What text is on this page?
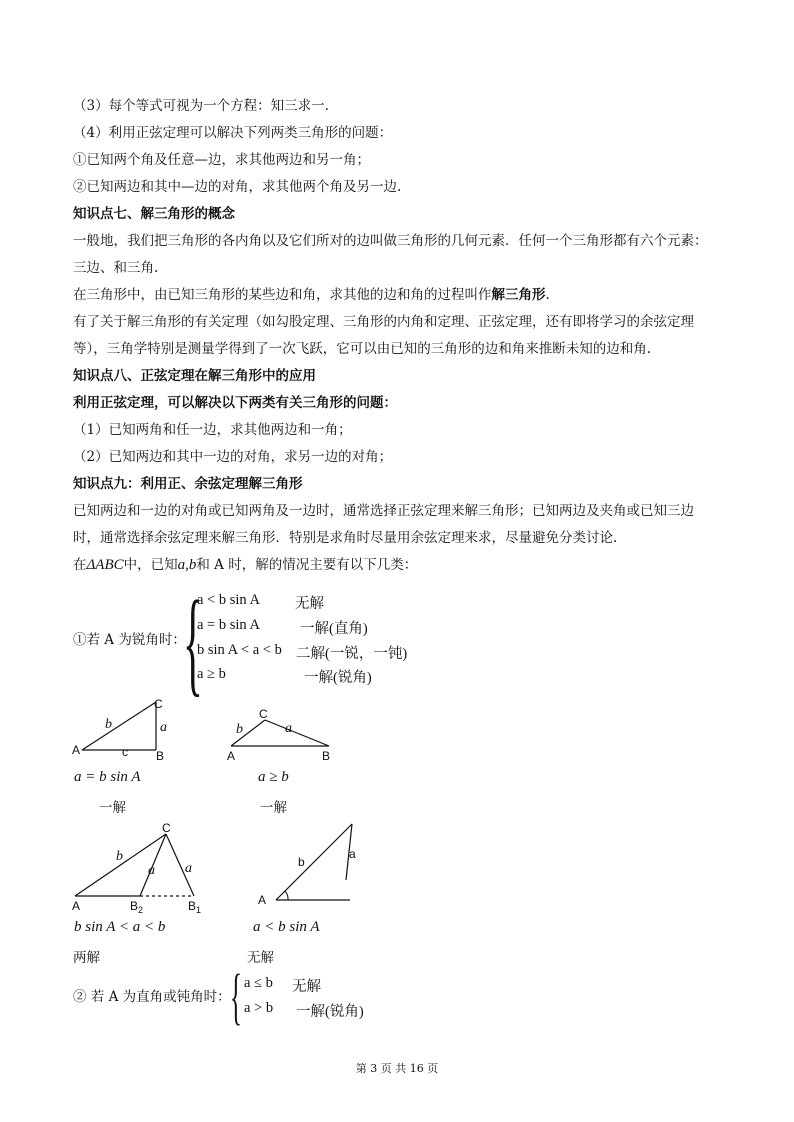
（3）每个等式可视为一个方程：知三求一.
（4）利用正弦定理可以解决下列两类三角形的问题：
①已知两个角及任意—边，求其他两边和另一角；
②已知两边和其中—边的对角，求其他两个角及另一边.
知识点七、解三角形的概念
一般地，我们把三角形的各内角以及它们所对的边叫做三角形的几何元素．任何一个三角形都有六个元素：
三边、和三角.
在三角形中，由已知三角形的某些边和角，求其他的边和角的过程叫作解三角形.
有了关于解三角形的有关定理（如勾股定理、三角形的内角和定理、正弦定理，还有即将学习的余弦定理
等），三角学特别是测量学得到了一次飞跃，它可以由已知的三角形的边和角来推断未知的边和角.
知识点八、正弦定理在解三角形中的应用
利用正弦定理，可以解决以下两类有关三角形的问题：
（1）已知两角和任一边，求其他两边和一角；
（2）已知两边和其中一边的对角，求另一边的对角；
知识点九：利用正、余弦定理解三角形
已知两边和一边的对角或已知两角及一边时，通常选择正弦定理来解三角形；已知两边及夹角或已知三边
时，通常选择余弦定理来解三角形．特别是求角时尽量用余弦定理来求，尽量避免分类讨论.
在ΔABC中，已知a,b和 A 时，解的情况主要有以下几类：
①若 A 为锐角时：
{
a < b sin A 无解
a = b sin A	一解(直角)
b sin A < a < b 二解(一锐，一钝)
a ≥ b	一解(锐角)
C
A	B
b	a
c
a = b sin A
一解
C
A	B
b	a
a ≥ b
一解
C
A	$B_2$	$B_1$
b
a a
b sin A < a < b
两解
A
b
a
a < b sin A
无解
② 若 A 为直角或钝角时： { a ≤ b 无解
a > b 一解(锐角)
第 3 页 共 16 页
